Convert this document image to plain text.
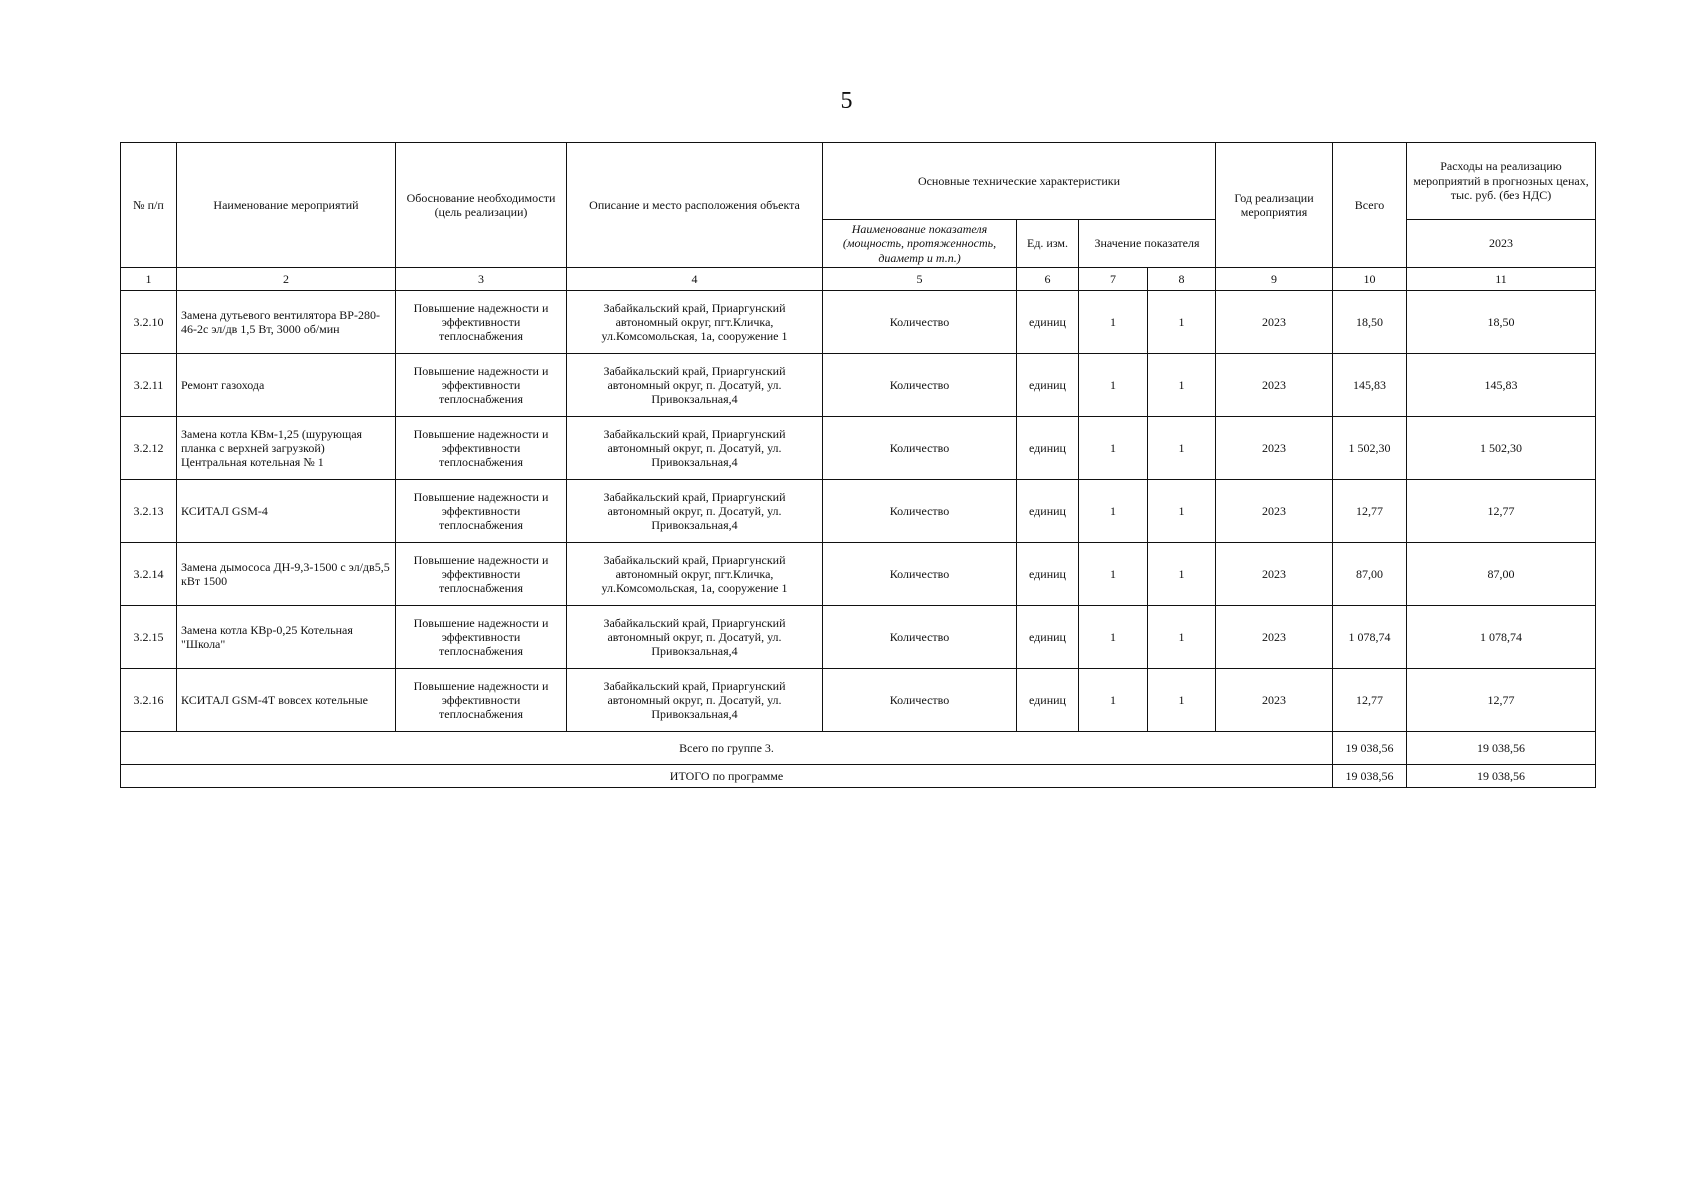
5
№ п/п	Наименование мероприятий	Обоснование необходимости (цель реализации)	Описание и место расположения объекта	Основные технические характеристики				Год реализации мероприятия	Всего	Расходы на реализацию мероприятий в прогнозных ценах, тыс. руб. (без НДС)
				Наименование показателя (мощность, протяженность, диаметр и т.п.)	Ед. изм.	Значение показателя				2023
1	2	3	4	5	6	7	8	9	10	11
3.2.10	Замена дутьевого вентилятора ВР-280-46-2с эл/дв 1,5 Вт, 3000 об/мин	Повышение надежности и эффективности теплоснабжения	Забайкальский край, Приаргунский автономный округ, пгт.Кличка, ул.Комсомольская, 1а, сооружение 1	Количество	единиц	1	1	2023	18,50	18,50
3.2.11	Ремонт газохода	Повышение надежности и эффективности теплоснабжения	Забайкальский край, Приаргунский автономный округ, п. Досатуй, ул. Привокзальная,4	Количество	единиц	1	1	2023	145,83	145,83
3.2.12	Замена котла КВм-1,25 (шурующая планка с верхней загрузкой) Центральная котельная № 1	Повышение надежности и эффективности теплоснабжения	Забайкальский край, Приаргунский автономный округ, п. Досатуй, ул. Привокзальная,4	Количество	единиц	1	1	2023	1 502,30	1 502,30
3.2.13	КСИТАЛ GSM-4	Повышение надежности и эффективности теплоснабжения	Забайкальский край, Приаргунский автономный округ, п. Досатуй, ул. Привокзальная,4	Количество	единиц	1	1	2023	12,77	12,77
3.2.14	Замена дымососа ДН-9,3-1500 с эл/дв5,5 кВт 1500	Повышение надежности и эффективности теплоснабжения	Забайкальский край, Приаргунский автономный округ, пгт.Кличка, ул.Комсомольская, 1а, сооружение 1	Количество	единиц	1	1	2023	87,00	87,00
3.2.15	Замена котла КВр-0,25 Котельная "Школа"	Повышение надежности и эффективности теплоснабжения	Забайкальский край, Приаргунский автономный округ, п. Досатуй, ул. Привокзальная,4	Количество	единиц	1	1	2023	1 078,74	1 078,74
3.2.16	КСИТАЛ GSM-4Т вовсех котельные	Повышение надежности и эффективности теплоснабжения	Забайкальский край, Приаргунский автономный округ, п. Досатуй, ул. Привокзальная,4	Количество	единиц	1	1	2023	12,77	12,77
Всего по группе 3.									19 038,56	19 038,56
ИТОГО по программе									19 038,56	19 038,56
